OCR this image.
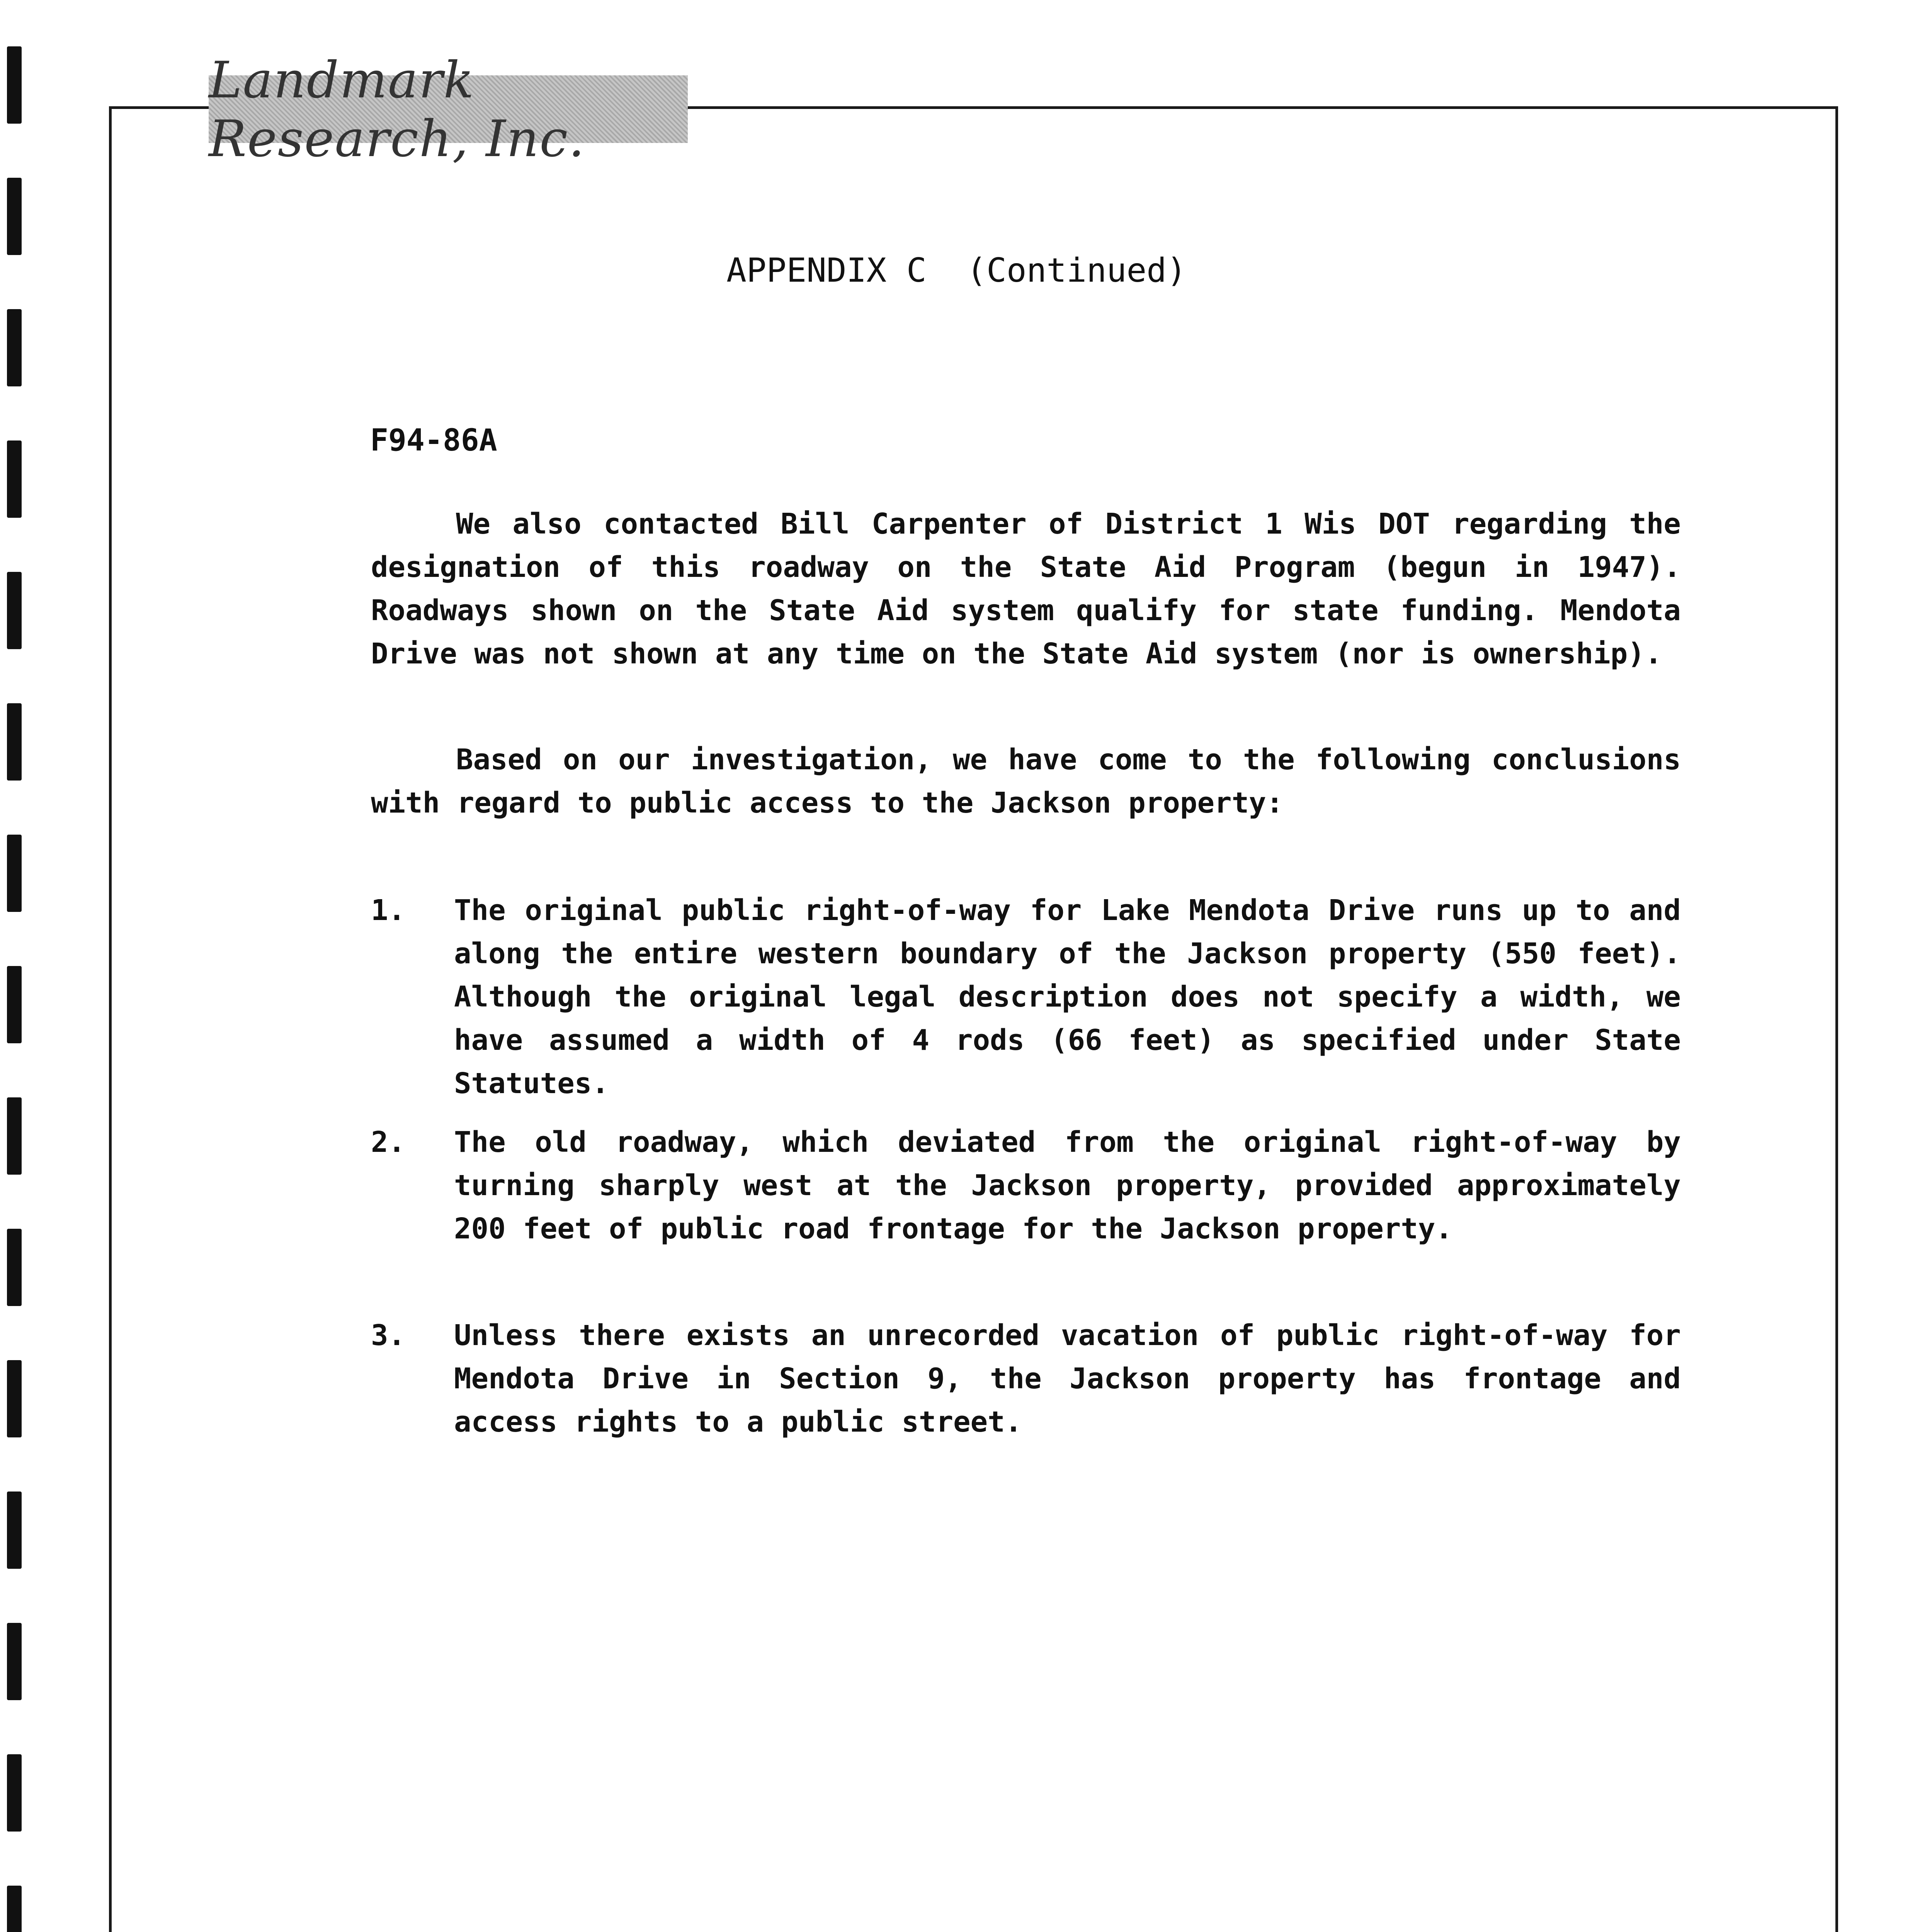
Landmark Research, Inc.
APPENDIX C  (Continued)
F94-86A
We also contacted Bill Carpenter of District 1 Wis DOT regarding the designation of this roadway on the State Aid Program (begun in 1947). Roadways shown on the State Aid system qualify for state funding. Mendota Drive was not shown at any time on the State Aid system (nor is ownership).
Based on our investigation, we have come to the following conclusions with regard to public access to the Jackson property:
1. The original public right-of-way for Lake Mendota Drive runs up to and along the entire western boundary of the Jackson property (550 feet). Although the original legal description does not specify a width, we have assumed a width of 4 rods (66 feet) as specified under State Statutes.
2. The old roadway, which deviated from the original right-of-way by turning sharply west at the Jackson property, provided approximately 200 feet of public road frontage for the Jackson property.
3. Unless there exists an unrecorded vacation of public right-of-way for Mendota Drive in Section 9, the Jackson property has frontage and access rights to a public street.
